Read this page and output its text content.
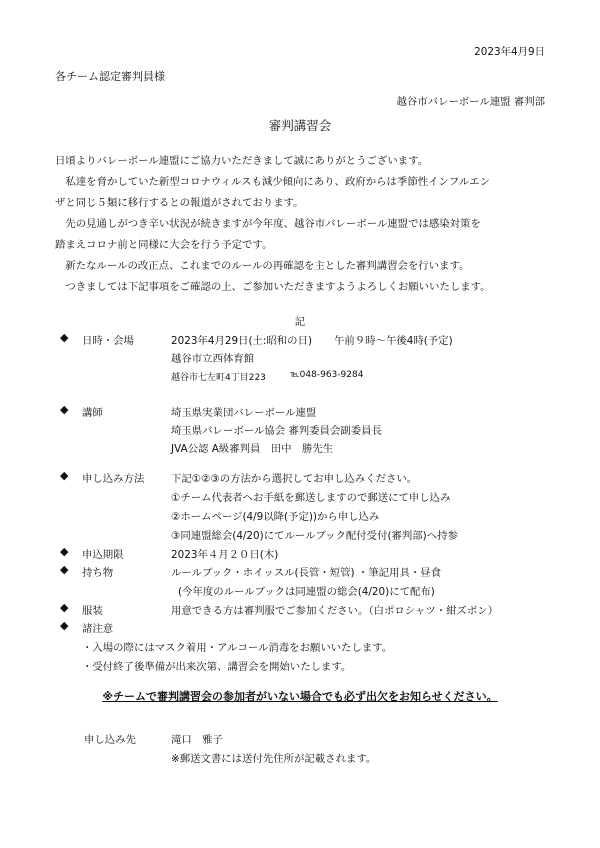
2023年4月9日
各チーム認定審判員様
越谷市バレーボール連盟 審判部
審判講習会
日頃よりバレーボール連盟にご協力いただきまして誠にありがとうございます。
　私達を脅かしていた新型コロナウィルスも減少傾向にあり、政府からは季節性インフルエン
ザと同じ５類に移行するとの報道がされております。
　先の見通しがつき辛い状況が続きますが今年度、越谷市バレーボール連盟では感染対策を
踏まえコロナ前と同様に大会を行う予定です。
　新たなルールの改正点、これまでのルールの再確認を主とした審判講習会を行います。
　つきましては下記事項をご確認の上、ご参加いただきますようよろしくお願いいたします。
記
◆ 日時・会場	2023年4月29日(土:昭和の日) 午前９時～午後4時(予定)
越谷市立西体育館
越谷市七左町4丁目223	℡048-963-9284
◆ 講師	埼玉県実業団バレーボール連盟
埼玉県バレーボール協会 審判委員会副委員長
JVA公認 A級審判員　田中　勝先生
◆ 申し込み方法	下記①②③の方法から選択してお申し込みください。
①チーム代表者へお手紙を郵送しますので郵送にて申し込み
②ホームページ(4/9以降(予定))から申し込み
③同連盟総会(4/20)にてルールブック配付受付(審判部)へ持参
◆ 申込期限	2023年４月２０日(木)
◆ 持ち物	ルールブック・ホイッスル(長管・短管) ・筆記用具・昼食
(今年度のルールブックは同連盟の総会(4/20)にて配布)
◆ 服装	用意できる方は審判服でご参加ください。（白ポロシャツ・紺ズボン）
◆ 諸注意
・入場の際にはマスク着用・アルコール消毒をお願いいたします。
・受付終了後準備が出来次第、講習会を開始いたします。
※チームで審判講習会の参加者がいない場合でも必ず出欠をお知らせください。
申し込み先	滝口　雅子
※郵送文書には送付先住所が記載されます。
